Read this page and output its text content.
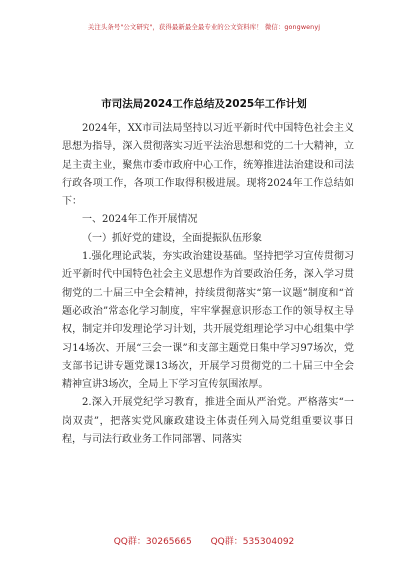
关注头条号"公文研究"，获得最新最全最专业的公文资料库！ 微信：gongwenyj
市司法局2024工作总结及2025年工作计划

2024年，XX市司法局坚持以习近平新时代中国特色社会主义思想为指导，深入贯彻落实习近平法治思想和党的二十大精神，立足主责主业，聚焦市委市政府中心工作，统筹推进法治建设和司法行政各项工作，各项工作取得积极进展。现将2024年工作总结如下：

一、2024年工作开展情况

（一）抓好党的建设，全面提振队伍形象

1.强化理论武装，夯实政治建设基础。坚持把学习宣传贯彻习近平新时代中国特色社会主义思想作为首要政治任务，深入学习贯彻党的二十届三中全会精神，持续贯彻落实“第一议题”制度和“首题必政治”常态化学习制度，牢牢掌握意识形态工作的领导权主导权，制定并印发理论学习计划，共开展党组理论学习中心组集中学习14场次、开展“三会一课”和支部主题党日集中学习97场次，党支部书记讲专题党课13场次，开展学习贯彻党的二十届三中全会精神宣讲3场次，全局上下学习宣传氛围浓厚。

2.深入开展党纪学习教育，推进全面从严治党。严格落实“一岗双责”，把落实党风廉政建设主体责任列入局党组重要议事日程，与司法行政业务工作同部署、同落实

QQ群：30265665 QQ群：535304092
